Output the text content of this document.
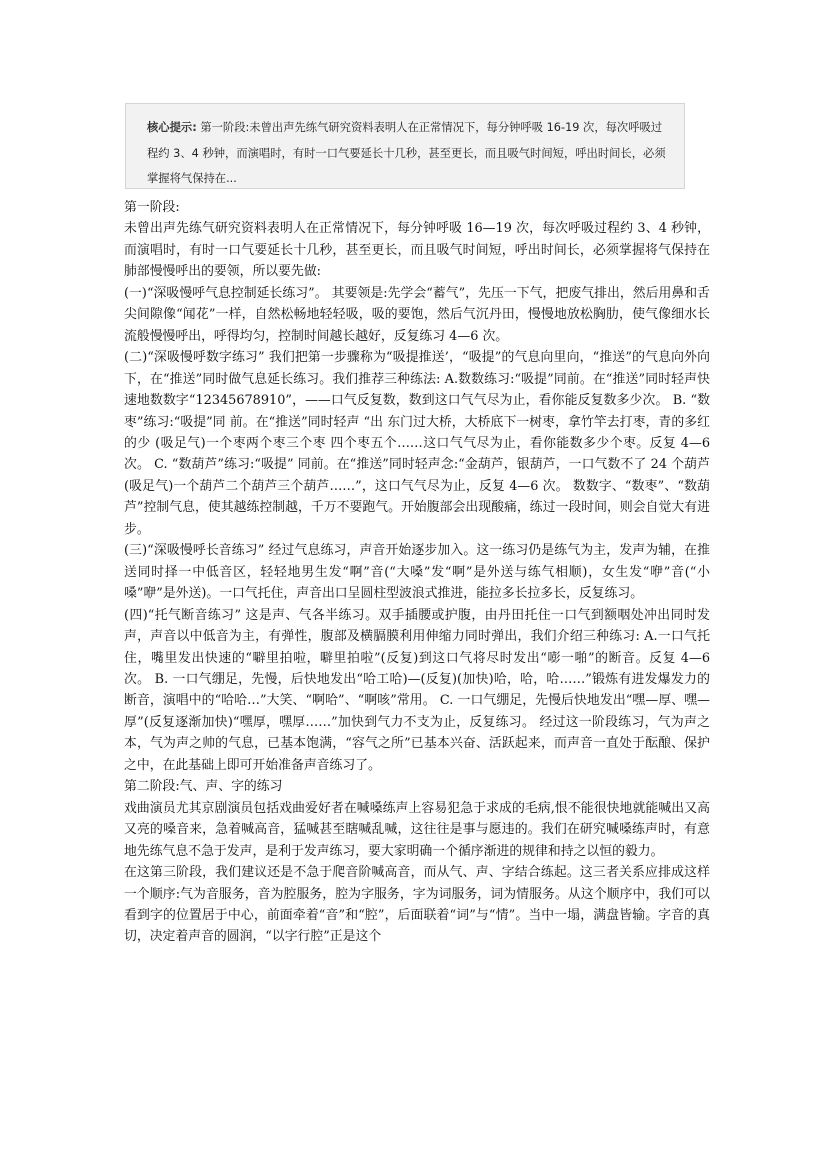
核心提示: 第一阶段:未曾出声先练气研究资料表明人在正常情况下，每分钟呼吸 16-19 次，每次呼吸过程约 3、4 秒钟，而演唱时，有时一口气要延长十几秒，甚至更长，而且吸气时间短，呼出时间长，必须掌握将气保持在...

第一阶段:

未曾出声先练气研究资料表明人在正常情况下，每分钟呼吸 16—19 次，每次呼吸过程约 3、4 秒钟，而演唱时，有时一口气要延长十几秒，甚至更长，而且吸气时间短，呼出时间长，必须掌握将气保持在肺部慢慢呼出的要领，所以要先做:

(一)“深吸慢呼气息控制延长练习”。 其要领是:先学会“蓄气”，先压一下气，把废气排出，然后用鼻和舌尖间隙像“闻花”一样，自然松畅地轻轻吸，吸的要饱，然后气沉丹田，慢慢地放松胸肋，使气像细水长流般慢慢呼出，呼得均匀，控制时间越长越好，反复练习 4—6 次。

(二)“深吸慢呼数字练习” 我们把第一步骤称为“吸提推送’，“吸提”的气息向里向，“推送”的气息向外向下，在“推送”同时做气息延长练习。我们推荐三种练法: A.数数练习:“吸提”同前。在“推送”同时轻声快速地数数字“12345678910”，——口气反复数，数到这口气气尽为止，看你能反复数多少次。 B. “数枣”练习:“吸提”同 前。在“推送”同时轻声 “出 东门过大桥，大桥底下一树枣，拿竹竿去打枣，青的多红的少 (吸足气)一个枣两个枣三个枣 四个枣五个……这口气气尽为止，看你能数多少个枣。反复 4—6 次。 C. “数葫芦”练习:“吸提” 同前。在“推送”同时轻声念:“金葫芦，银葫芦，一口气数不了 24 个葫芦(吸足气)一个葫芦二个葫芦三个葫芦……”，这口气气尽为止，反复 4—6 次。 数数字、“数枣”、“数葫芦”控制气息，使其越练控制越，千万不要跑气。开始腹部会出现酸痛，练过一段时间，则会自觉大有进步。

(三)“深吸慢呼长音练习” 经过气息练习，声音开始逐步加入。这一练习仍是练气为主，发声为辅，在推送同时择一中低音区，轻轻地男生发“啊”音(“大嗓”发“啊”是外送与练气相顺)，女生发“咿”音(“小嗓”咿”是外送)。一口气托住，声音出口呈圆柱型波浪式推进，能拉多长拉多长，反复练习。

(四)“托气断音练习” 这是声、气各半练习。双手插腰或护腹，由丹田托住一口气到额咽处冲出同时发声，声音以中低音为主，有弹性，腹部及横膈膜利用伸缩力同时弹出，我们介绍三种练习: A.一口气托住，嘴里发出快速的“噼里拍啦，噼里拍啦”(反复)到这口气将尽时发出“嘭一啪”的断音。反复 4—6 次。 B. 一口气绷足，先慢，后快地发出“哈工哈)—(反复)(加快)哈，哈，哈……”锻炼有进发爆发力的断音，演唱中的“哈哈…”大笑、“啊哈”、“啊咳”常用。 C. 一口气绷足，先慢后快地发出“嘿—厚、嘿—厚”(反复逐渐加快)“嘿厚，嘿厚……”加快到气力不支为止，反复练习。 经过这一阶段练习，气为声之本，气为声之帅的气息，已基本饱满，“容气之所”已基本兴奋、活跃起来，而声音一直处于酝酿、保护之中，在此基础上即可开始准备声音练习了。

第二阶段:气、声、字的练习

戏曲演员尤其京剧演员包括戏曲爱好者在喊嗓练声上容易犯急于求成的毛病,恨不能很快地就能喊出又高又亮的嗓音来，急着喊高音，猛喊甚至瞎喊乱喊，这往往是事与愿违的。我们在研究喊嗓练声时，有意地先练气息不急于发声，是利于发声练习，要大家明确一个循序渐进的规律和持之以恒的毅力。

在这第三阶段，我们建议还是不急于爬音阶喊高音，而从气、声、字结合练起。这三者关系应排成这样一个顺序:气为音服务，音为腔服务，腔为字服务，字为词服务，词为情服务。从这个顺序中，我们可以看到字的位置居于中心，前面牵着“音”和“腔”，后面联着“词”与“情”。当中一塌，满盘皆输。字音的真切，决定着声音的圆润，“以字行腔”正是这个
